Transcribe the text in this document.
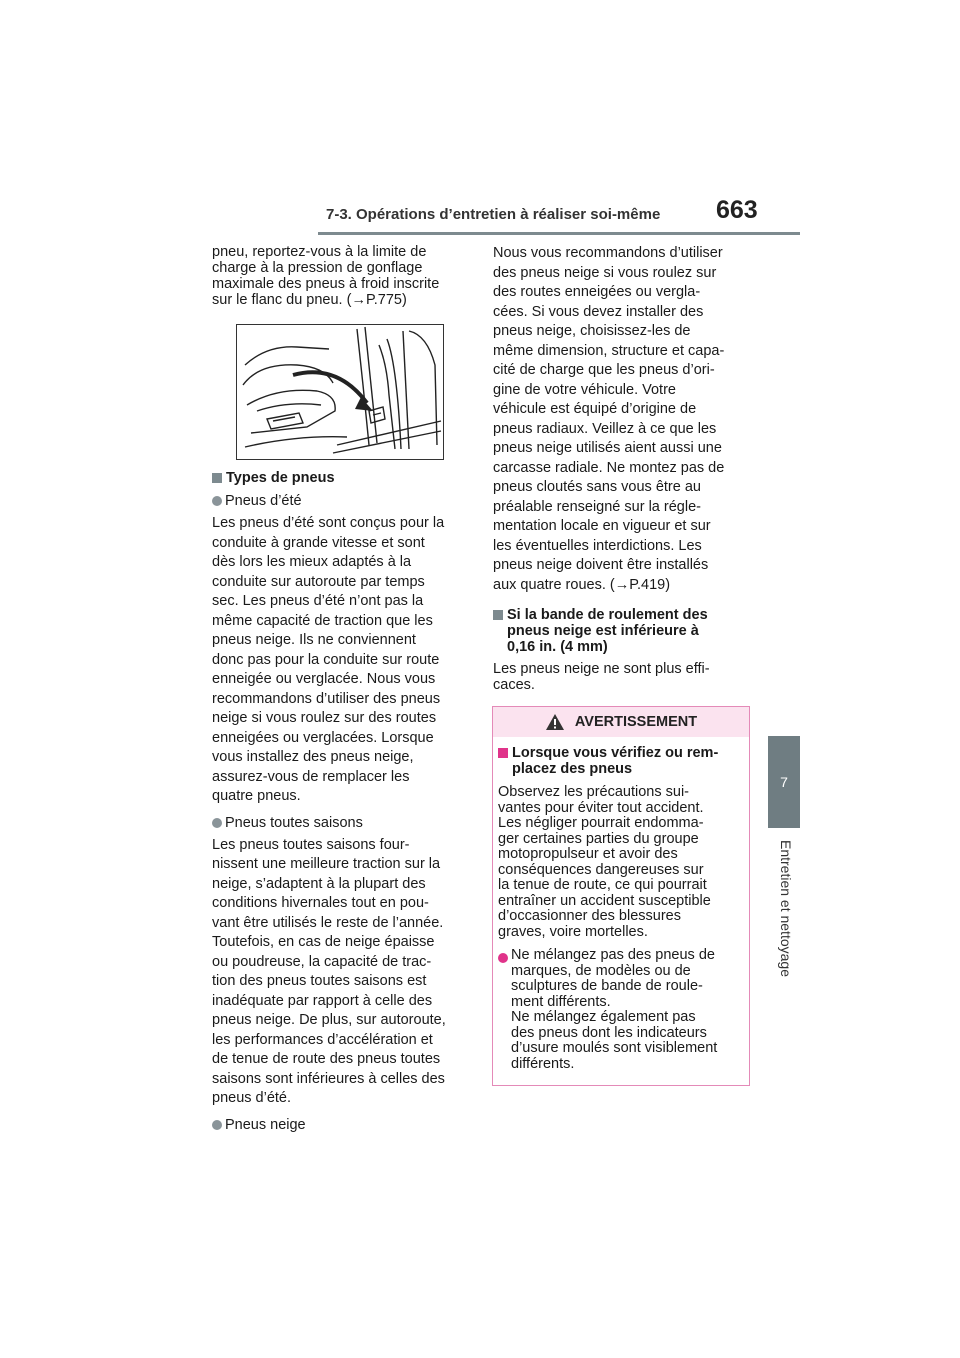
7-3. Opérations d’entretien à réaliser soi-même	663
7
Entretien et nettoyage

pneu, reportez-vous à la limite de
charge à la pression de gonflage
maximale des pneus à froid inscrite
sur le flanc du pneu. (→P.775)

Types de pneus

Pneus d’été

Les pneus d’été sont conçus pour la
conduite à grande vitesse et sont
dès lors les mieux adaptés à la
conduite sur autoroute par temps
sec. Les pneus d’été n’ont pas la
même capacité de traction que les
pneus neige. Ils ne conviennent
donc pas pour la conduite sur route
enneigée ou verglacée. Nous vous
recommandons d’utiliser des pneus
neige si vous roulez sur des routes
enneigées ou verglacées. Lorsque
vous installez des pneus neige,
assurez-vous de remplacer les
quatre pneus.

Pneus toutes saisons

Les pneus toutes saisons four-
nissent une meilleure traction sur la
neige, s’adaptent à la plupart des
conditions hivernales tout en pou-
vant être utilisés le reste de l’année.
Toutefois, en cas de neige épaisse
ou poudreuse, la capacité de trac-
tion des pneus toutes saisons est
inadéquate par rapport à celle des
pneus neige. De plus, sur autoroute,
les performances d’accélération et
de tenue de route des pneus toutes
saisons sont inférieures à celles des
pneus d’été.

Pneus neige

Nous vous recommandons d’utiliser
des pneus neige si vous roulez sur
des routes enneigées ou vergla-
cées. Si vous devez installer des
pneus neige, choisissez-les de
même dimension, structure et capa-
cité de charge que les pneus d’ori-
gine de votre véhicule. Votre
véhicule est équipé d’origine de
pneus radiaux. Veillez à ce que les
pneus neige utilisés aient aussi une
carcasse radiale. Ne montez pas de
pneus cloutés sans vous être au
préalable renseigné sur la régle-
mentation locale en vigueur et sur
les éventuelles interdictions. Les
pneus neige doivent être installés
aux quatre roues. (→P.419)

Si la bande de roulement des
pneus neige est inférieure à
0,16 in. (4 mm)

Les pneus neige ne sont plus effi-
caces.

AVERTISSEMENT
Lorsque vous vérifiez ou rem-
placez des pneus

Observez les précautions sui-
vantes pour éviter tout accident.
Les négliger pourrait endomma-
ger certaines parties du groupe
motopropulseur et avoir des
conséquences dangereuses sur
la tenue de route, ce qui pourrait
entraîner un accident susceptible
d’occasionner des blessures
graves, voire mortelles.

Ne mélangez pas des pneus de
marques, de modèles ou de
sculptures de bande de roule-
ment différents.
Ne mélangez également pas
des pneus dont les indicateurs
d’usure moulés sont visiblement
différents.
